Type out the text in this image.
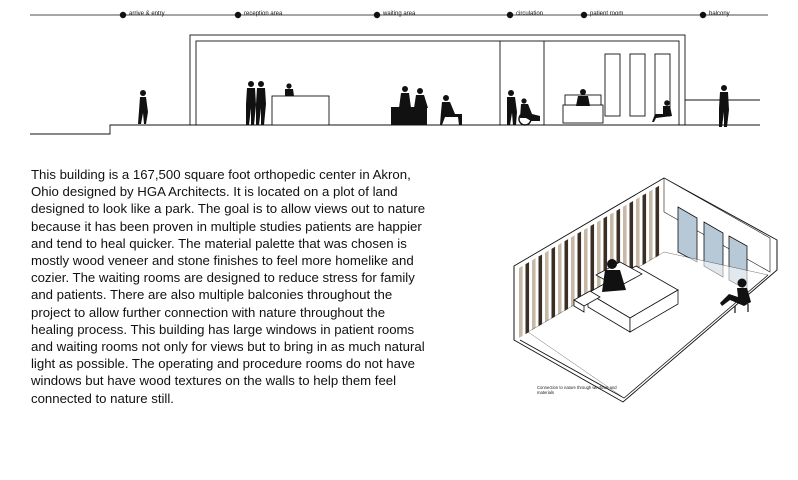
arrive & entry	reception area	waiting area	circulation	patient room	balcony

This building is a 167,500 square foot orthopedic center in Akron, Ohio designed by HGA Architects. It is located on a plot of land designed to look like a park. The goal is to allow views out to nature because it has been proven in multiple studies patients are happier and tend to heal quicker. The material palette that was chosen is mostly wood veneer and stone finishes to feel more homelike and cozier. The waiting rooms are designed to reduce stress for family and patients. There are also multiple balconies throughout the project to allow further connection with nature throughout the healing process. This building has large windows in patient rooms and waiting rooms not only for views but to bring in as much natural light as possible. The operating and procedure rooms do not have windows but have wood textures on the walls to help them feel connected to nature still.

Connection to nature through windows and materials
